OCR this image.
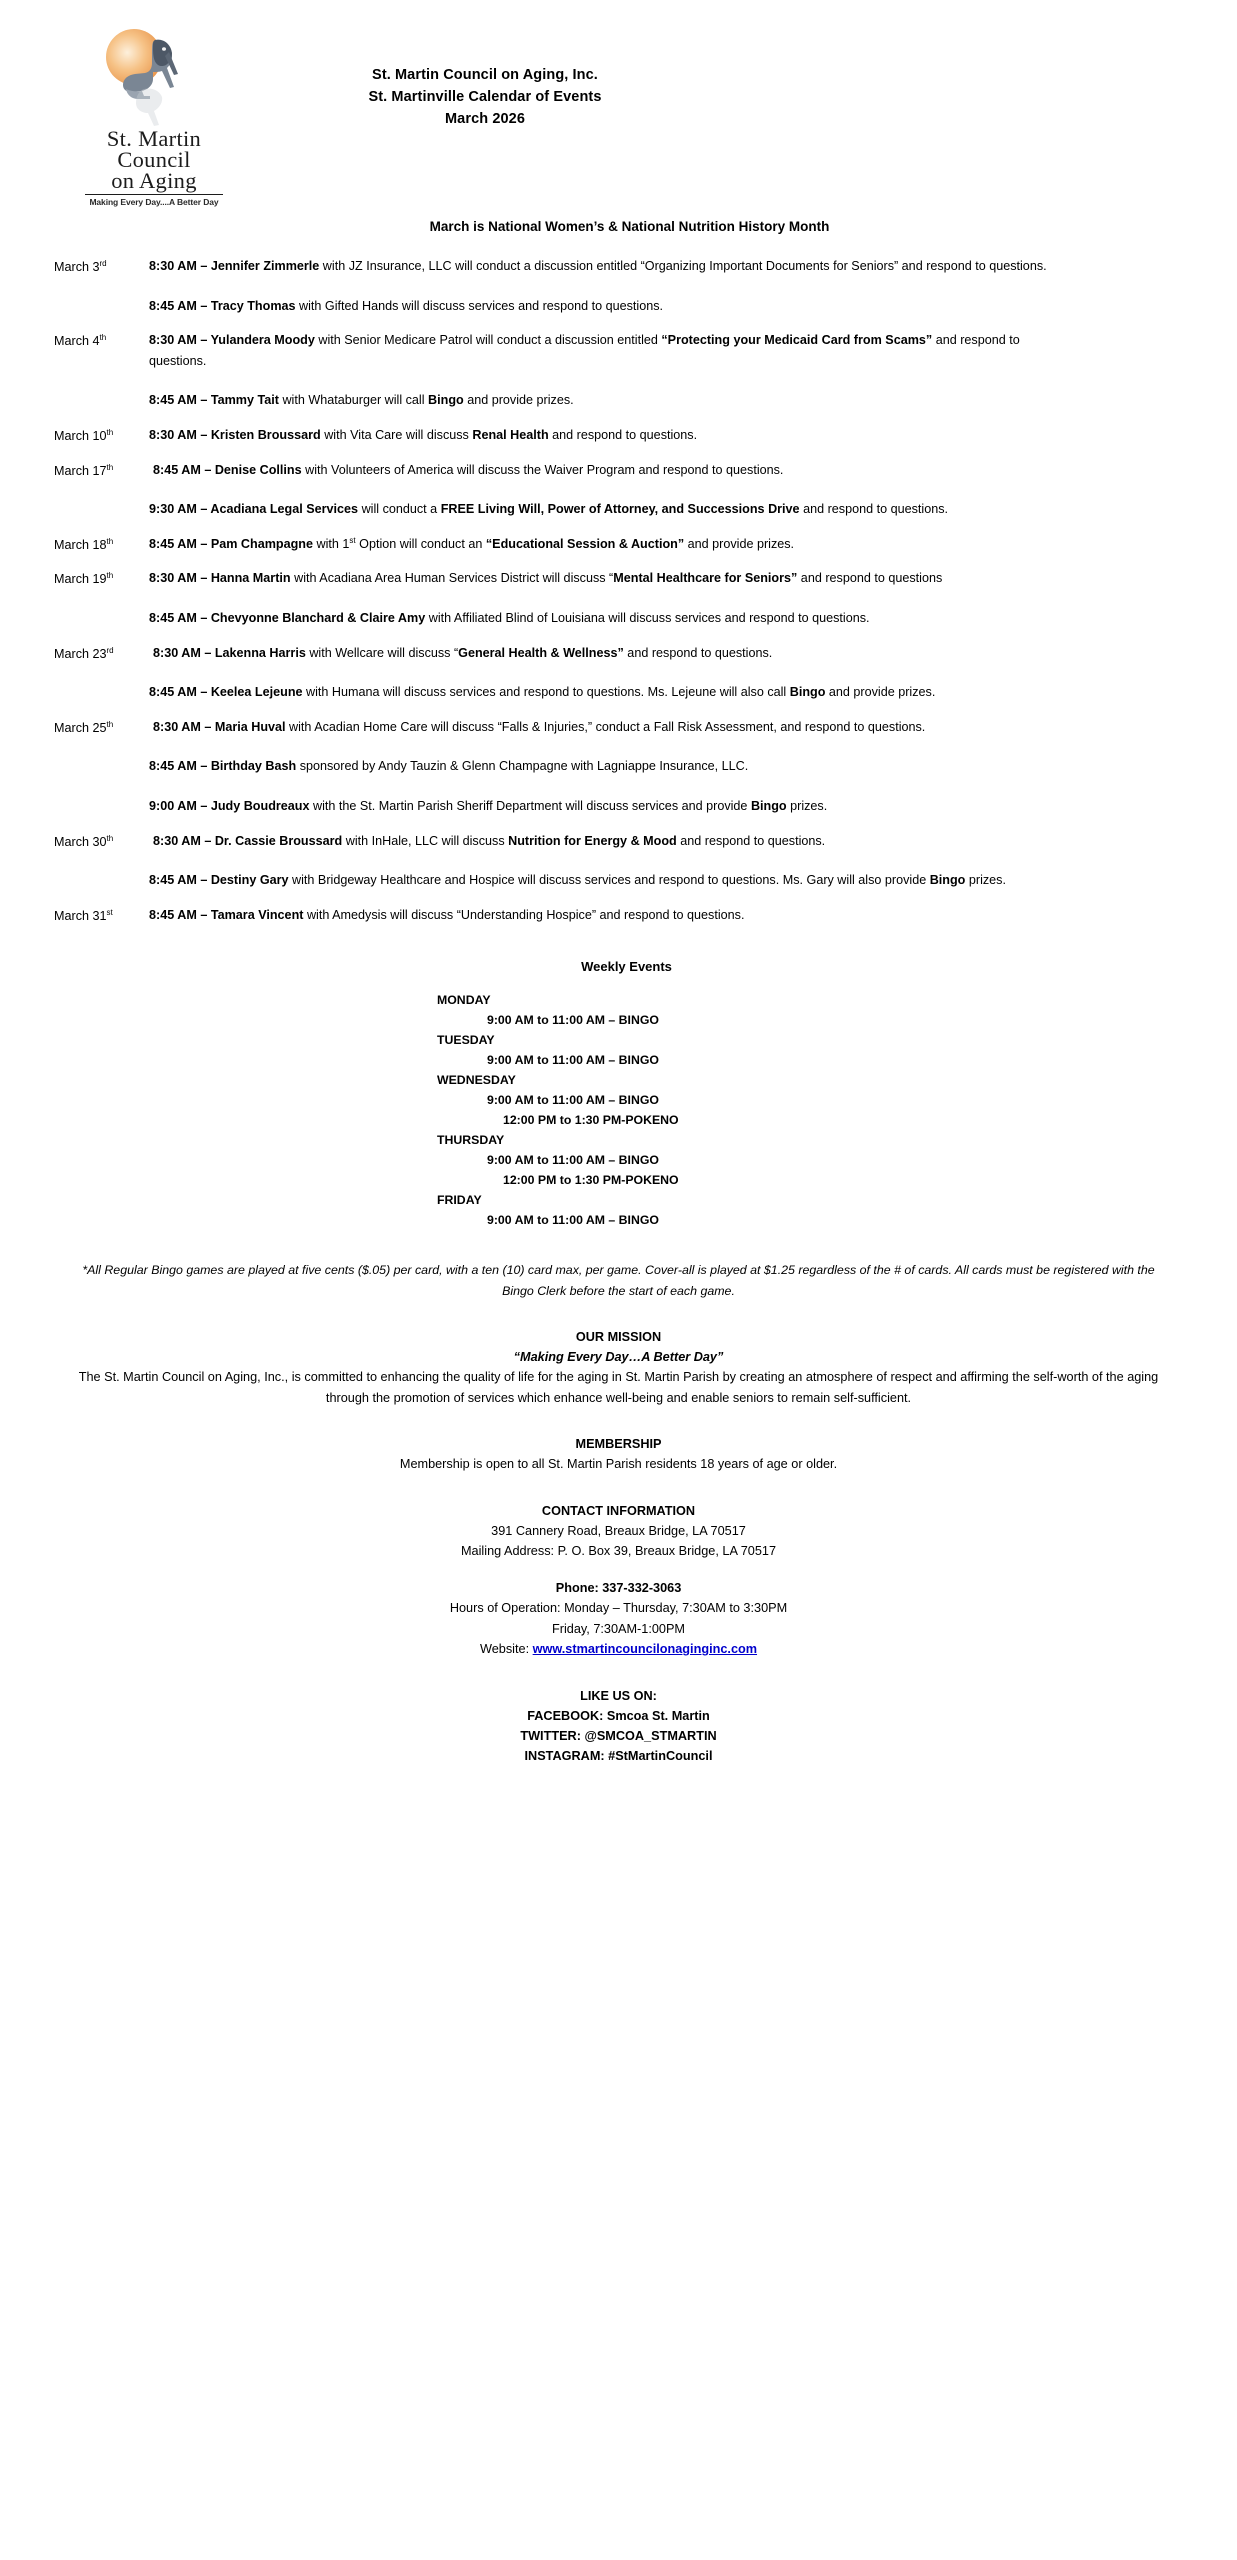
St. Martin
Council
on Aging
Making Every Day....A Better Day
St. Martin Council on Aging, Inc.
St. Martinville Calendar of Events
March 2026
March is National Women’s & National Nutrition History Month
March 3rd	8:30 AM – Jennifer Zimmerle with JZ Insurance, LLC will conduct a discussion entitled “Organizing Important Documents for Seniors” and respond to questions.
8:45 AM – Tracy Thomas with Gifted Hands will discuss services and respond to questions.
March 4th	8:30 AM – Yulandera Moody with Senior Medicare Patrol will conduct a discussion entitled “Protecting your Medicaid Card from Scams” and respond to questions.
8:45 AM – Tammy Tait with Whataburger will call Bingo and provide prizes.
March 10th	8:30 AM – Kristen Broussard with Vita Care will discuss Renal Health and respond to questions.
March 17th	8:45 AM – Denise Collins with Volunteers of America will discuss the Waiver Program and respond to questions.
9:30 AM – Acadiana Legal Services will conduct a FREE Living Will, Power of Attorney, and Successions Drive and respond to questions.
March 18th	8:45 AM – Pam Champagne with 1st Option will conduct an “Educational Session & Auction” and provide prizes.
March 19th	8:30 AM – Hanna Martin with Acadiana Area Human Services District will discuss “Mental Healthcare for Seniors” and respond to questions
8:45 AM – Chevyonne Blanchard & Claire Amy with Affiliated Blind of Louisiana will discuss services and respond to questions.
March 23rd	8:30 AM – Lakenna Harris with Wellcare will discuss “General Health & Wellness” and respond to questions.
8:45 AM – Keelea Lejeune with Humana will discuss services and respond to questions. Ms. Lejeune will also call Bingo and provide prizes.
March 25th	8:30 AM – Maria Huval with Acadian Home Care will discuss “Falls & Injuries,” conduct a Fall Risk Assessment, and respond to questions.
8:45 AM – Birthday Bash sponsored by Andy Tauzin & Glenn Champagne with Lagniappe Insurance, LLC.
9:00 AM – Judy Boudreaux with the St. Martin Parish Sheriff Department will discuss services and provide Bingo prizes.
March 30th	8:30 AM – Dr. Cassie Broussard with InHale, LLC will discuss Nutrition for Energy & Mood and respond to questions.
8:45 AM – Destiny Gary with Bridgeway Healthcare and Hospice will discuss services and respond to questions. Ms. Gary will also provide Bingo prizes.
March 31st	8:45 AM – Tamara Vincent with Amedysis will discuss “Understanding Hospice” and respond to questions.
Weekly Events
MONDAY
9:00 AM to 11:00 AM – BINGO
TUESDAY
9:00 AM to 11:00 AM – BINGO
WEDNESDAY
9:00 AM to 11:00 AM – BINGO
12:00 PM to 1:30 PM-POKENO
THURSDAY
9:00 AM to 11:00 AM – BINGO
12:00 PM to 1:30 PM-POKENO
FRIDAY
9:00 AM to 11:00 AM – BINGO
*All Regular Bingo games are played at five cents ($.05) per card, with a ten (10) card max, per game. Cover-all is played at $1.25 regardless of the # of cards. All cards must be registered with the Bingo Clerk before the start of each game.
OUR MISSION
“Making Every Day…A Better Day”
The St. Martin Council on Aging, Inc., is committed to enhancing the quality of life for the aging in St. Martin Parish by creating an atmosphere of respect and affirming the self-worth of the aging through the promotion of services which enhance well-being and enable seniors to remain self-sufficient.
MEMBERSHIP
Membership is open to all St. Martin Parish residents 18 years of age or older.
CONTACT INFORMATION
391 Cannery Road, Breaux Bridge, LA 70517
Mailing Address: P. O. Box 39, Breaux Bridge, LA 70517
Phone: 337-332-3063
Hours of Operation: Monday – Thursday, 7:30AM to 3:30PM
Friday, 7:30AM-1:00PM
Website: www.stmartincouncilonaginginc.com
LIKE US ON:
FACEBOOK: Smcoa St. Martin
TWITTER: @SMCOA_STMARTIN
INSTAGRAM: #StMartinCouncil
